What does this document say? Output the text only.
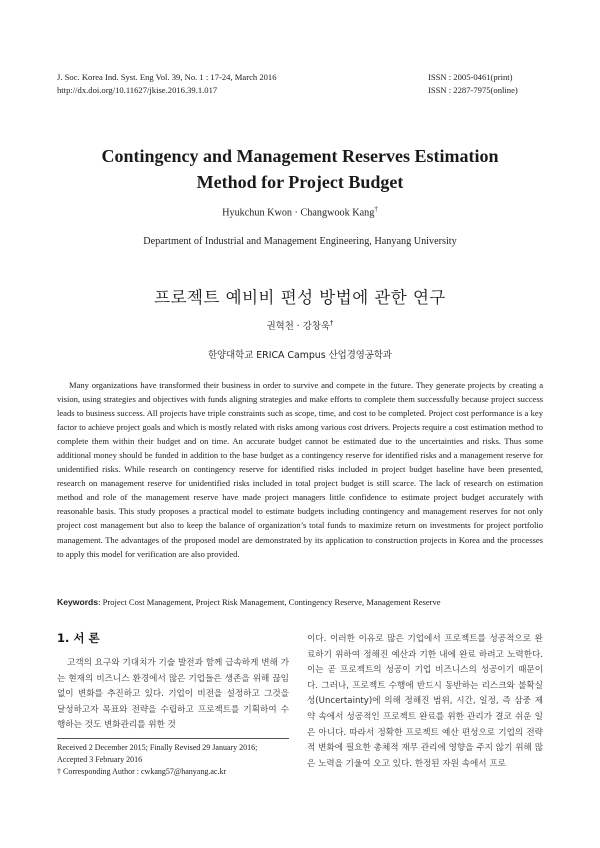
J. Soc. Korea Ind. Syst. Eng Vol. 39, No. 1 : 17-24, March 2016
http://dx.doi.org/10.11627/jkise.2016.39.1.017
ISSN : 2005-0461(print)
ISSN : 2287-7975(online)
Contingency and Management Reserves Estimation
Method for Project Budget
Hyukchun Kwon · Changwook Kang†
Department of Industrial and Management Engineering, Hanyang University
프로젝트 예비비 편성 방법에 관한 연구
권혁천 · 강창욱†
한양대학교 ERICA Campus 산업경영공학과
Many organizations have transformed their business in order to survive and compete in the future. They generate projects by creating a vision, using strategies and objectives with funds aligning strategies and make efforts to complete them successfully because project success leads to business success. All projects have triple constraints such as scope, time, and cost to be completed. Project cost performance is a key factor to achieve project goals and which is mostly related with risks among various cost drivers. Projects require a cost estimation method to complete them within their budget and on time. An accurate budget cannot be estimated due to the uncertainties and risks. Thus some additional money should be funded in addition to the base budget as a contingency reserve for identified risks and a management reserve for unidentified risks. While research on contingency reserve for identified risks included in project budget baseline have been presented, research on management reserve for unidentified risks included in total project budget is still scarce. The lack of research on estimation method and role of the management reserve have made project managers little confidence to estimate project budget accurately with reasonable basis. This study proposes a practical model to estimate budgets including contingency and management reserves for not only project cost management but also to keep the balance of organization’s total funds to maximize return on investments for project portfolio management. The advantages of the proposed model are demonstrated by its application to construction projects in Korea and the processes to apply this model for verification are also provided.
Keywords: Project Cost Management, Project Risk Management, Contingency Reserve, Management Reserve
1. 서 론
고객의 요구와 기대치가 기술 발전과 함께 급속하게 변해 가는 현재의 비즈니스 환경에서 많은 기업들은 생존을 위해 끊임없이 변화를 추진하고 있다. 기업이 비전을 설정하고 그것을 달성하고자 목표와 전략을 수립하고 프로젝트를 기획하여 수행하는 것도 변화관리를 위한 것
이다. 이러한 이유로 많은 기업에서 프로젝트를 성공적으로 완료하기 위하여 정해진 예산과 기한 내에 완료 하려고 노력한다. 이는 곧 프로젝트의 성공이 기업 비즈니스의 성공이기 때문이다. 그러나, 프로젝트 수행에 반드시 동반하는 리스크와 불확실성(Uncertainty)에 의해 정해진 범위, 시간, 일정, 즉 삼중 제약 속에서 성공적인 프로젝트 완료를 위한 관리가 결코 쉬운 일은 아니다. 따라서 정확한 프로젝트 예산 편성으로 기업의 전략적 변화에 필요한 총체적 재무 관리에 영향을 주지 않기 위해 많은 노력을 기울여 오고 있다. 한정된 자원 속에서 프로
Received 2 December 2015; Finally Revised 29 January 2016;
Accepted 3 February 2016
† Corresponding Author : cwkang57@hanyang.ac.kr
